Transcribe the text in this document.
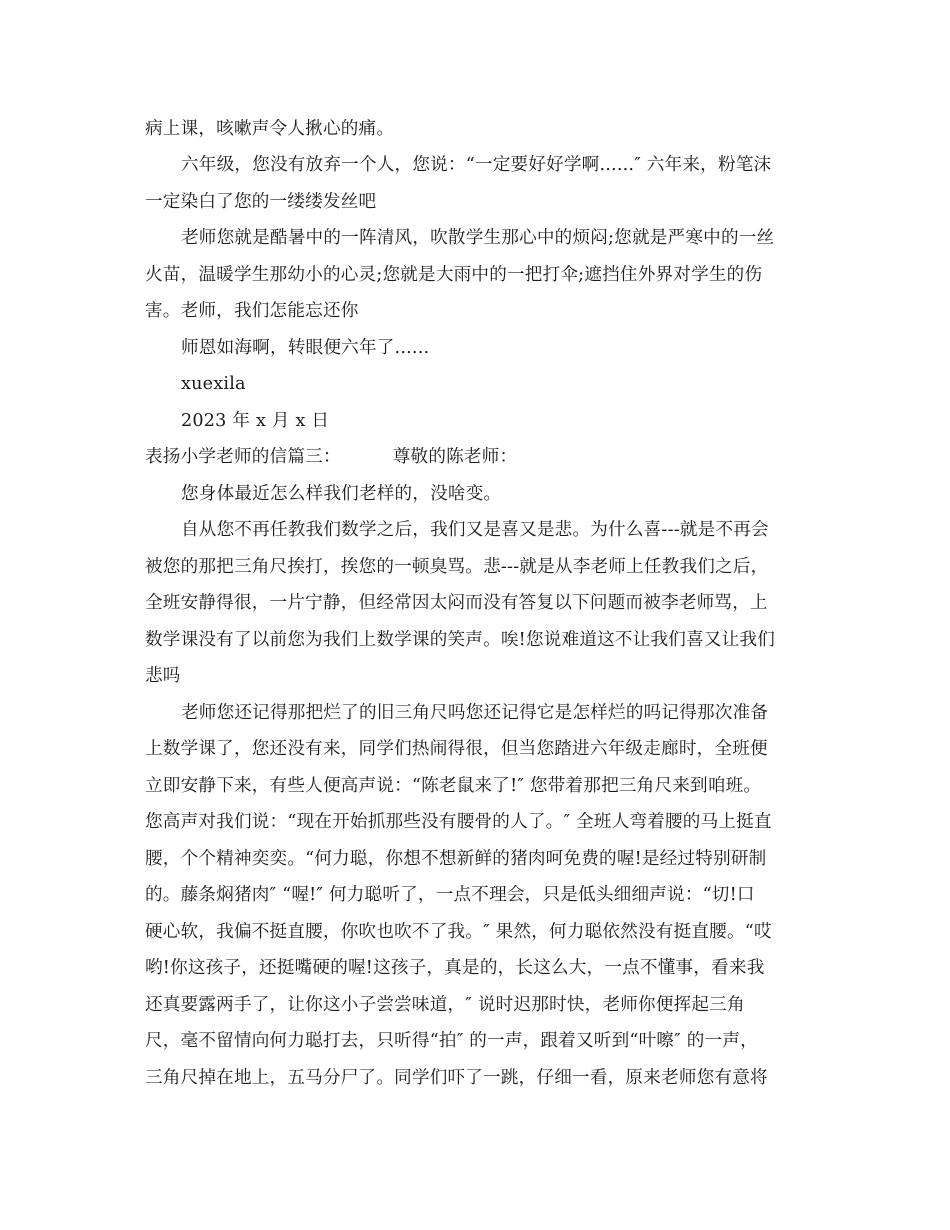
病上课，咳嗽声令人揪心的痛。
六年级，您没有放弃一个人，您说：“一定要好好学啊......″ 六年来，粉笔沫
一定染白了您的一缕缕发丝吧
老师您就是酷暑中的一阵清风，吹散学生那心中的烦闷;您就是严寒中的一丝
火苗，温暖学生那幼小的心灵;您就是大雨中的一把打伞;遮挡住外界对学生的伤
害。老师，我们怎能忘还你
师恩如海啊，转眼便六年了......
xuexila
2023 年 x 月 x 日
表扬小学老师的信篇三：	尊敬的陈老师：
您身体最近怎么样我们老样的，没啥变。
自从您不再任教我们数学之后，我们又是喜又是悲。为什么喜---就是不再会
被您的那把三角尺挨打，挨您的一顿臭骂。悲---就是从李老师上任教我们之后，
全班安静得很，一片宁静，但经常因太闷而没有答复以下问题而被李老师骂，上
数学课没有了以前您为我们上数学课的笑声。唉!您说难道这不让我们喜又让我们
悲吗
老师您还记得那把烂了的旧三角尺吗您还记得它是怎样烂的吗记得那次准备
上数学课了，您还没有来，同学们热闹得很，但当您踏进六年级走廊时，全班便
立即安静下来，有些人便高声说：“陈老鼠来了!″ 您带着那把三角尺来到咱班。
您高声对我们说：“现在开始抓那些没有腰骨的人了。″ 全班人弯着腰的马上挺直
腰，个个精神奕奕。“何力聪，你想不想新鲜的猪肉呵免费的喔!是经过特别研制
的。藤条焖猪肉″ “喔!″ 何力聪听了，一点不理会，只是低头细细声说：“切!口
硬心软，我偏不挺直腰，你吹也吹不了我。″ 果然，何力聪依然没有挺直腰。“哎
哟!你这孩子，还挺嘴硬的喔!这孩子，真是的，长这么大，一点不懂事，看来我
还真要露两手了，让你这小子尝尝味道，″ 说时迟那时快，老师你便挥起三角
尺，毫不留情向何力聪打去，只听得“拍″ 的一声，跟着又听到“叶嚓″ 的一声，
三角尺掉在地上，五马分尸了。同学们吓了一跳，仔细一看，原来老师您有意将
